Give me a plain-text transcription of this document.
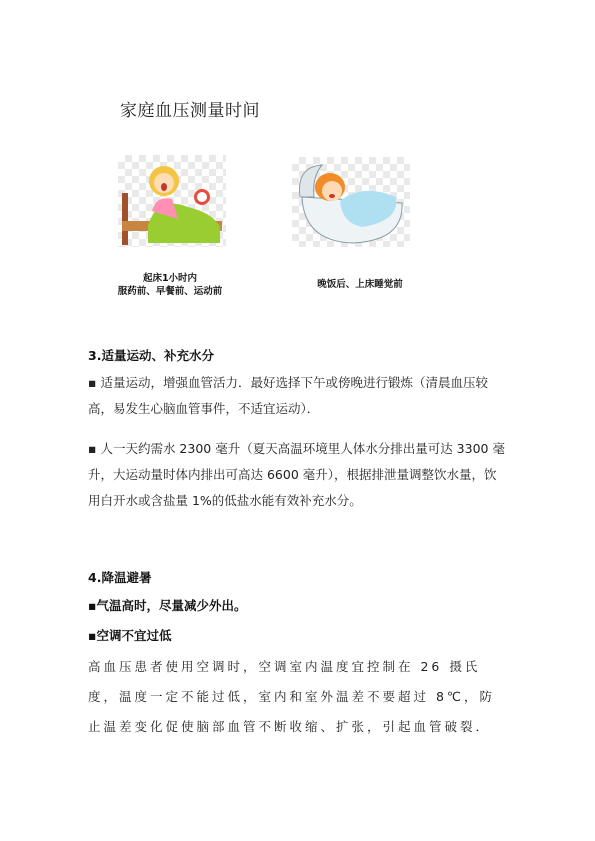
家庭血压测量时间
起床1小时内
服药前、早餐前、运动前
晚饭后、上床睡觉前
3.适量运动、补充水分
▪ 适量运动，增强血管活力．最好选择下午或傍晚进行锻炼（清晨血压较高，易发生心脑血管事件，不适宜运动）．
▪ 人一天约需水 2300 毫升（夏天高温环境里人体水分排出量可达 3300 毫升，大运动量时体内排出可高达 6600 毫升），根据排泄量调整饮水量，饮用白开水或含盐量 1%的低盐水能有效补充水分。
4.降温避暑
▪气温高时，尽量减少外出。
▪空调不宜过低
高血压患者使用空调时，空调室内温度宜控制在 26 摄氏度，温度一定不能过低，室内和室外温差不要超过 8℃，防止温差变化促使脑部血管不断收缩、扩张，引起血管破裂．
